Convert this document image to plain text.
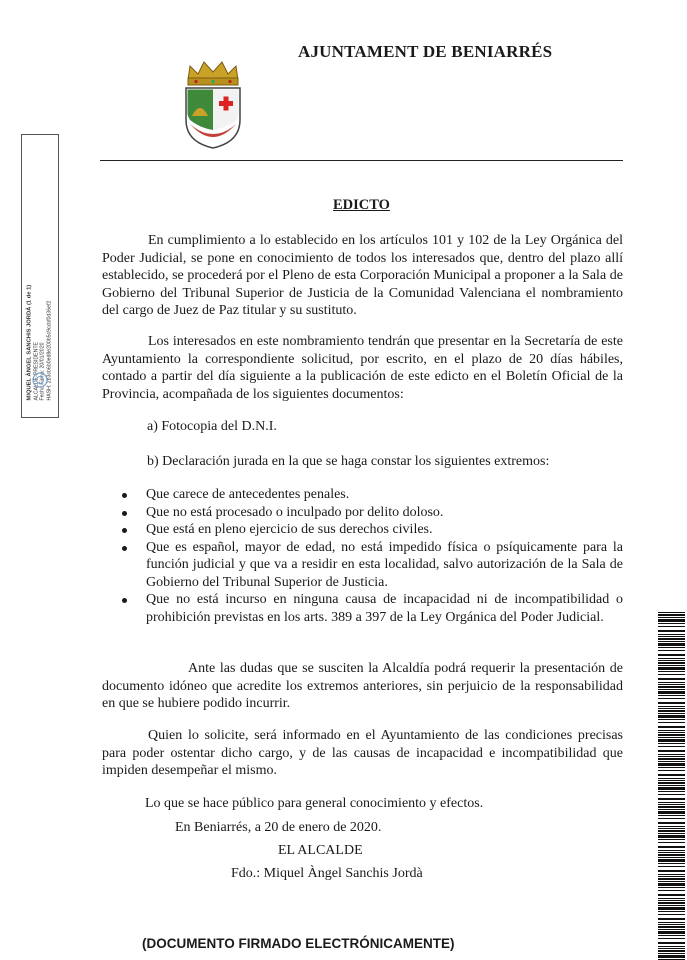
AJUNTAMENT DE BENIARRÉS
MIQUEL ÀNGEL SANCHIS JORDÀ (1 de 1) ALCALDE-PRESIDENTE Fecha Firma: 20/01/2020 HASH: 2b3cb6b0ed8e200b5c9ccbf0d36ef2
EDICTO

En cumplimiento a lo establecido en los artículos 101 y 102 de la Ley Orgánica del Poder Judicial, se pone en conocimiento de todos los interesados que, dentro del plazo allí establecido, se procederá por el Pleno de esta Corporación Municipal a proponer a la Sala de Gobierno del Tribunal Superior de Justicia de la Comunidad Valenciana el nombramiento del cargo de Juez de Paz titular y su sustituto.

Los interesados en este nombramiento tendrán que presentar en la Secretaría de este Ayuntamiento la correspondiente solicitud, por escrito, en el plazo de 20 días hábiles, contado a partir del día siguiente a la publicación de este edicto en el Boletín Oficial de la Provincia, acompañada de los siguientes documentos:

a) Fotocopia del D.N.I.
b) Declaración jurada en la que se haga constar los siguientes extremos:
Que carece de antecedentes penales.
Que no está procesado o inculpado por delito doloso.
Que está en pleno ejercicio de sus derechos civiles.
Que es español, mayor de edad, no está impedido física o psíquicamente para la función judicial y que va a residir en esta localidad, salvo autorización de la Sala de Gobierno del Tribunal Superior de Justicia.
Que no está incurso en ninguna causa de incapacidad ni de incompatibilidad o prohibición previstas en los arts. 389 a 397 de la Ley Orgánica del Poder Judicial.

Ante las dudas que se susciten la Alcaldía podrá requerir la presentación de documento idóneo que acredite los extremos anteriores, sin perjuicio de la responsabilidad en que se hubiere podido incurrir.

Quien lo solicite, será informado en el Ayuntamiento de las condiciones precisas para poder ostentar dicho cargo, y de las causas de incapacidad e incompatibilidad que impiden desempeñar el mismo.

Lo que se hace público para general conocimiento y efectos.
En Beniarrés, a 20 de enero de 2020.
EL ALCALDE
Fdo.: Miquel Àngel Sanchis Jordà
(DOCUMENTO FIRMADO ELECTRÓNICAMENTE)
